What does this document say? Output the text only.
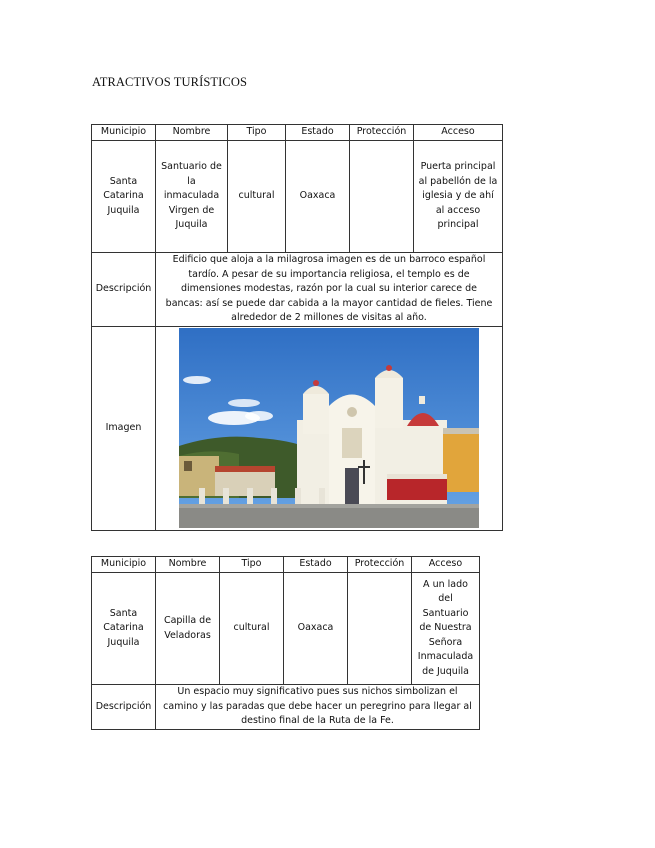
ATRACTIVOS TURÍSTICOS
Municipio	Nombre	Tipo	Estado	Protección	Acceso
Santa Catarina Juquila	Santuario de la inmaculada Virgen de Juquila	cultural	Oaxaca		Puerta principal al pabellón de la iglesia y de ahí al acceso principal
Descripción	Edificio que aloja a la milagrosa imagen es de un barroco español tardío. A pesar de su importancia religiosa, el templo es de dimensiones modestas, razón por la cual su interior carece de bancas: así se puede dar cabida a la mayor cantidad de fieles. Tiene alrededor de 2 millones de visitas al año.				
Imagen	
Municipio	Nombre	Tipo	Estado	Protección	Acceso
Santa Catarina Juquila	Capilla de Veladoras	cultural	Oaxaca		A un lado del Santuario de Nuestra Señora Inmaculada de Juquila
Descripción	Un espacio muy significativo pues sus nichos simbolizan el camino y las paradas que debe hacer un peregrino para llegar al destino final de la Ruta de la Fe.				
